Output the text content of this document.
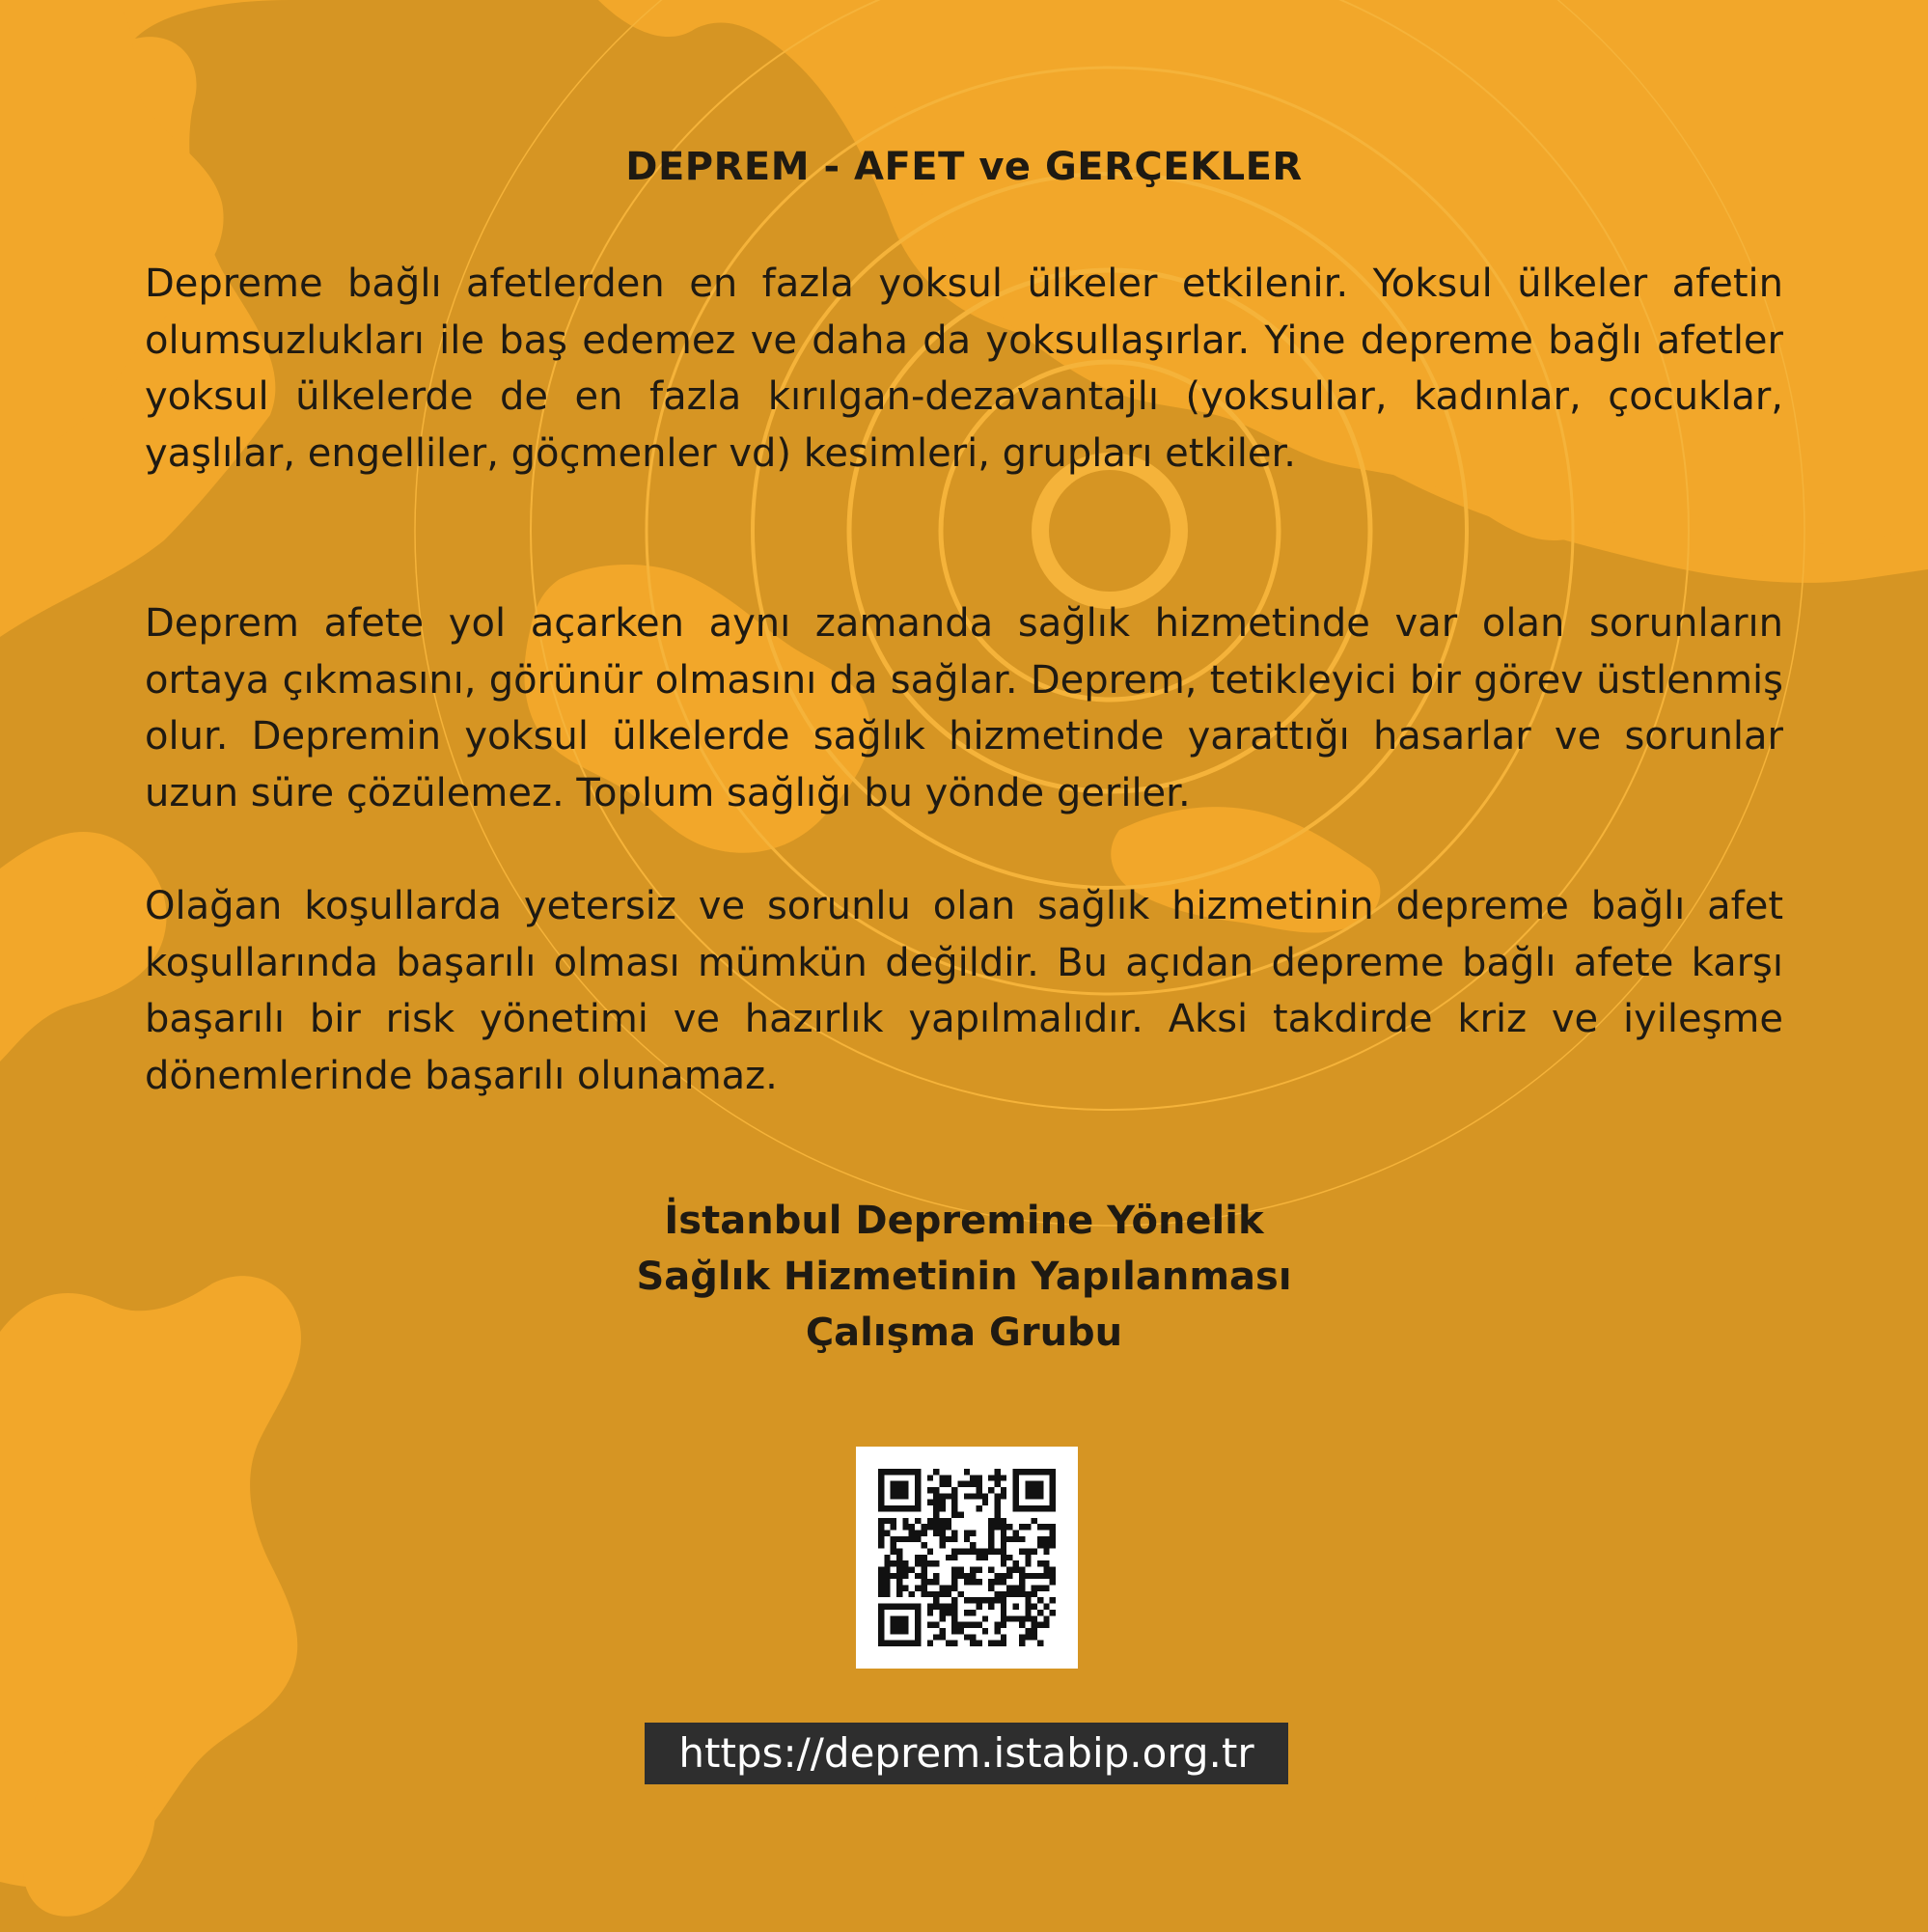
DEPREM - AFET ve GERÇEKLER

Depreme bağlı afetlerden en fazla yoksul ülkeler etkilenir. Yoksul ülkeler afetin olumsuzlukları ile baş edemez ve daha da yoksullaşırlar. Yine depreme bağlı afetler yoksul ülkelerde de en fazla kırılgan-dezavantajlı (yoksullar, kadınlar, çocuklar, yaşlılar, engelliler, göçmenler vd) kesimleri, grupları etkiler.

Deprem afete yol açarken aynı zamanda sağlık hizmetinde var olan sorunların ortaya çıkmasını, görünür olmasını da sağlar. Deprem, tetikleyici bir görev üstlenmiş olur. Depremin yoksul ülkelerde sağlık hizmetinde yarattığı hasarlar ve sorunlar uzun süre çözülemez. Toplum sağlığı bu yönde geriler.

Olağan koşullarda yetersiz ve sorunlu olan sağlık hizmetinin depreme bağlı afet koşullarında başarılı olması mümkün değildir. Bu açıdan depreme bağlı afete karşı başarılı bir risk yönetimi ve hazırlık yapılmalıdır. Aksi takdirde kriz ve iyileşme dönemlerinde başarılı olunamaz.

İstanbul Depremine Yönelik
Sağlık Hizmetinin Yapılanması
Çalışma Grubu
https://deprem.istabip.org.tr
